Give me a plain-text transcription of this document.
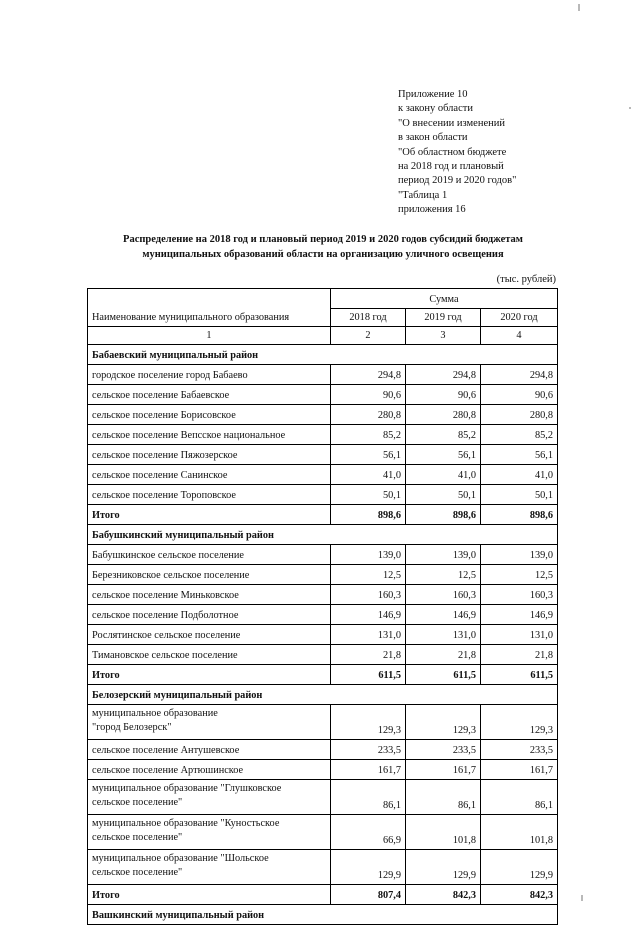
Приложение 10
к закону области
"О внесении изменений
в закон области
"Об областном бюджете
на 2018 год и плановый
период 2019 и 2020 годов"
"Таблица 1
приложения 16
Распределение на 2018 год и плановый период 2019 и 2020 годов субсидий бюджетам
муниципальных образований области на организацию уличного освещения
(тыс. рублей)
Наименование муниципального образования	Сумма		
	2018 год	2019 год	2020 год
1	2	3	4
Бабаевский муниципальный район			
городское поселение город Бабаево	294,8	294,8	294,8
сельское поселение Бабаевское	90,6	90,6	90,6
сельское поселение Борисовское	280,8	280,8	280,8
сельское поселение Вепсское национальное	85,2	85,2	85,2
сельское поселение Пяжозерское	56,1	56,1	56,1
сельское поселение Санинское	41,0	41,0	41,0
сельское поселение Тороповское	50,1	50,1	50,1
Итого	898,6	898,6	898,6
Бабушкинский муниципальный район			
Бабушкинское сельское поселение	139,0	139,0	139,0
Березниковское сельское поселение	12,5	12,5	12,5
сельское поселение Миньковское	160,3	160,3	160,3
сельское поселение Подболотное	146,9	146,9	146,9
Рослятинское сельское поселение	131,0	131,0	131,0
Тимановское сельское поселение	21,8	21,8	21,8
Итого	611,5	611,5	611,5
Белозерский муниципальный район			
муниципальное образование
"город Белозерск"	129,3	129,3	129,3
сельское поселение Антушевское	233,5	233,5	233,5
сельское поселение Артюшинское	161,7	161,7	161,7
муниципальное образование "Глушковское
сельское поселение"	86,1	86,1	86,1
муниципальное образование "Куностьское
сельское поселение"	66,9	101,8	101,8
муниципальное образование "Шольское
сельское поселение"	129,9	129,9	129,9
Итого	807,4	842,3	842,3
Вашкинский муниципальный район			
